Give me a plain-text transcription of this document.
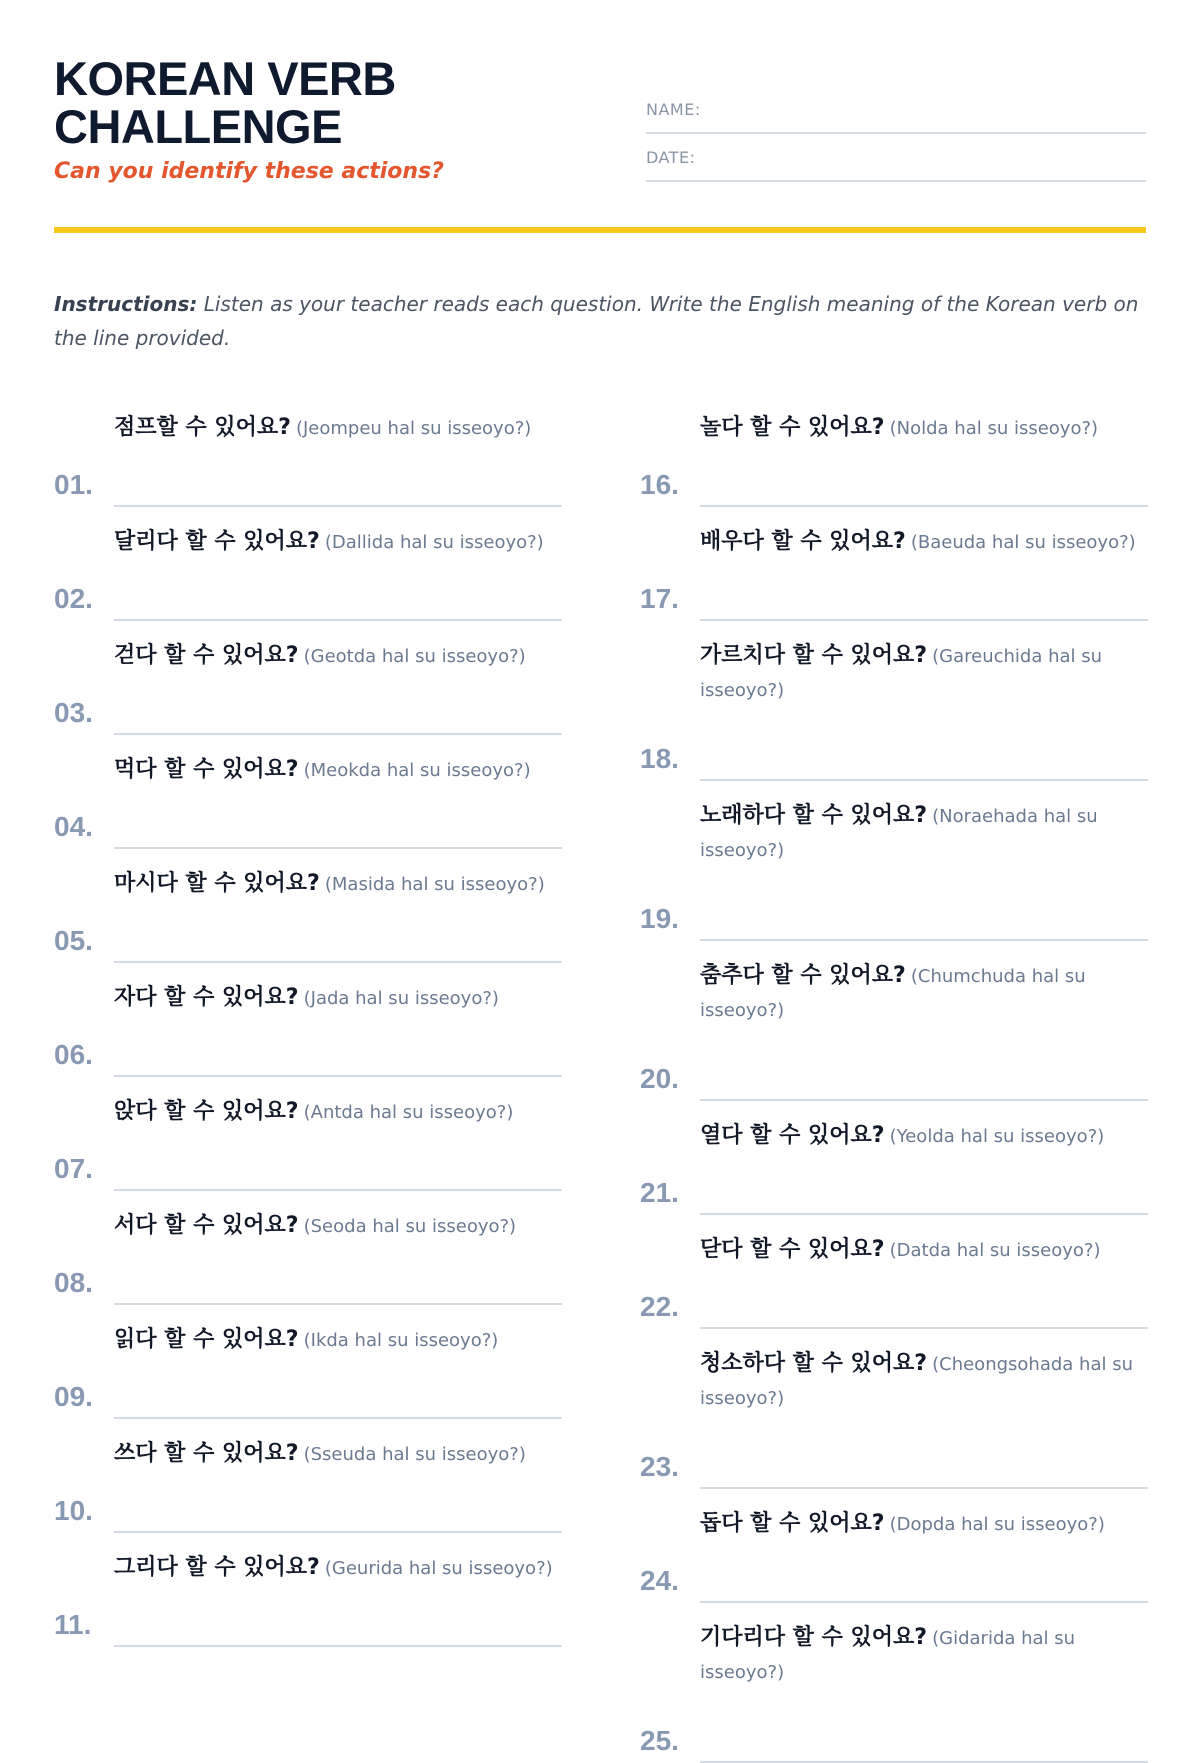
KOREAN VERB
CHALLENGE
Can you identify these actions?
NAME:
DATE:
Instructions: Listen as your teacher reads each question. Write the English meaning of the Korean verb on the line provided.
01.
점프할 수 있어요? (Jeompeu hal su isseoyo?)
02.
달리다 할 수 있어요? (Dallida hal su isseoyo?)
03.
걷다 할 수 있어요? (Geotda hal su isseoyo?)
04.
먹다 할 수 있어요? (Meokda hal su isseoyo?)
05.
마시다 할 수 있어요? (Masida hal su isseoyo?)
06.
자다 할 수 있어요? (Jada hal su isseoyo?)
07.
앉다 할 수 있어요? (Antda hal su isseoyo?)
08.
서다 할 수 있어요? (Seoda hal su isseoyo?)
09.
읽다 할 수 있어요? (Ikda hal su isseoyo?)
10.
쓰다 할 수 있어요? (Sseuda hal su isseoyo?)
11.
그리다 할 수 있어요? (Geurida hal su isseoyo?)
16.
놀다 할 수 있어요? (Nolda hal su isseoyo?)
17.
배우다 할 수 있어요? (Baeuda hal su isseoyo?)
18.
가르치다 할 수 있어요? (Gareuchida hal su isseoyo?)
19.
노래하다 할 수 있어요? (Noraehada hal su isseoyo?)
20.
춤추다 할 수 있어요? (Chumchuda hal su isseoyo?)
21.
열다 할 수 있어요? (Yeolda hal su isseoyo?)
22.
닫다 할 수 있어요? (Datda hal su isseoyo?)
23.
청소하다 할 수 있어요? (Cheongsohada hal su isseoyo?)
24.
돕다 할 수 있어요? (Dopda hal su isseoyo?)
25.
기다리다 할 수 있어요? (Gidarida hal su isseoyo?)
